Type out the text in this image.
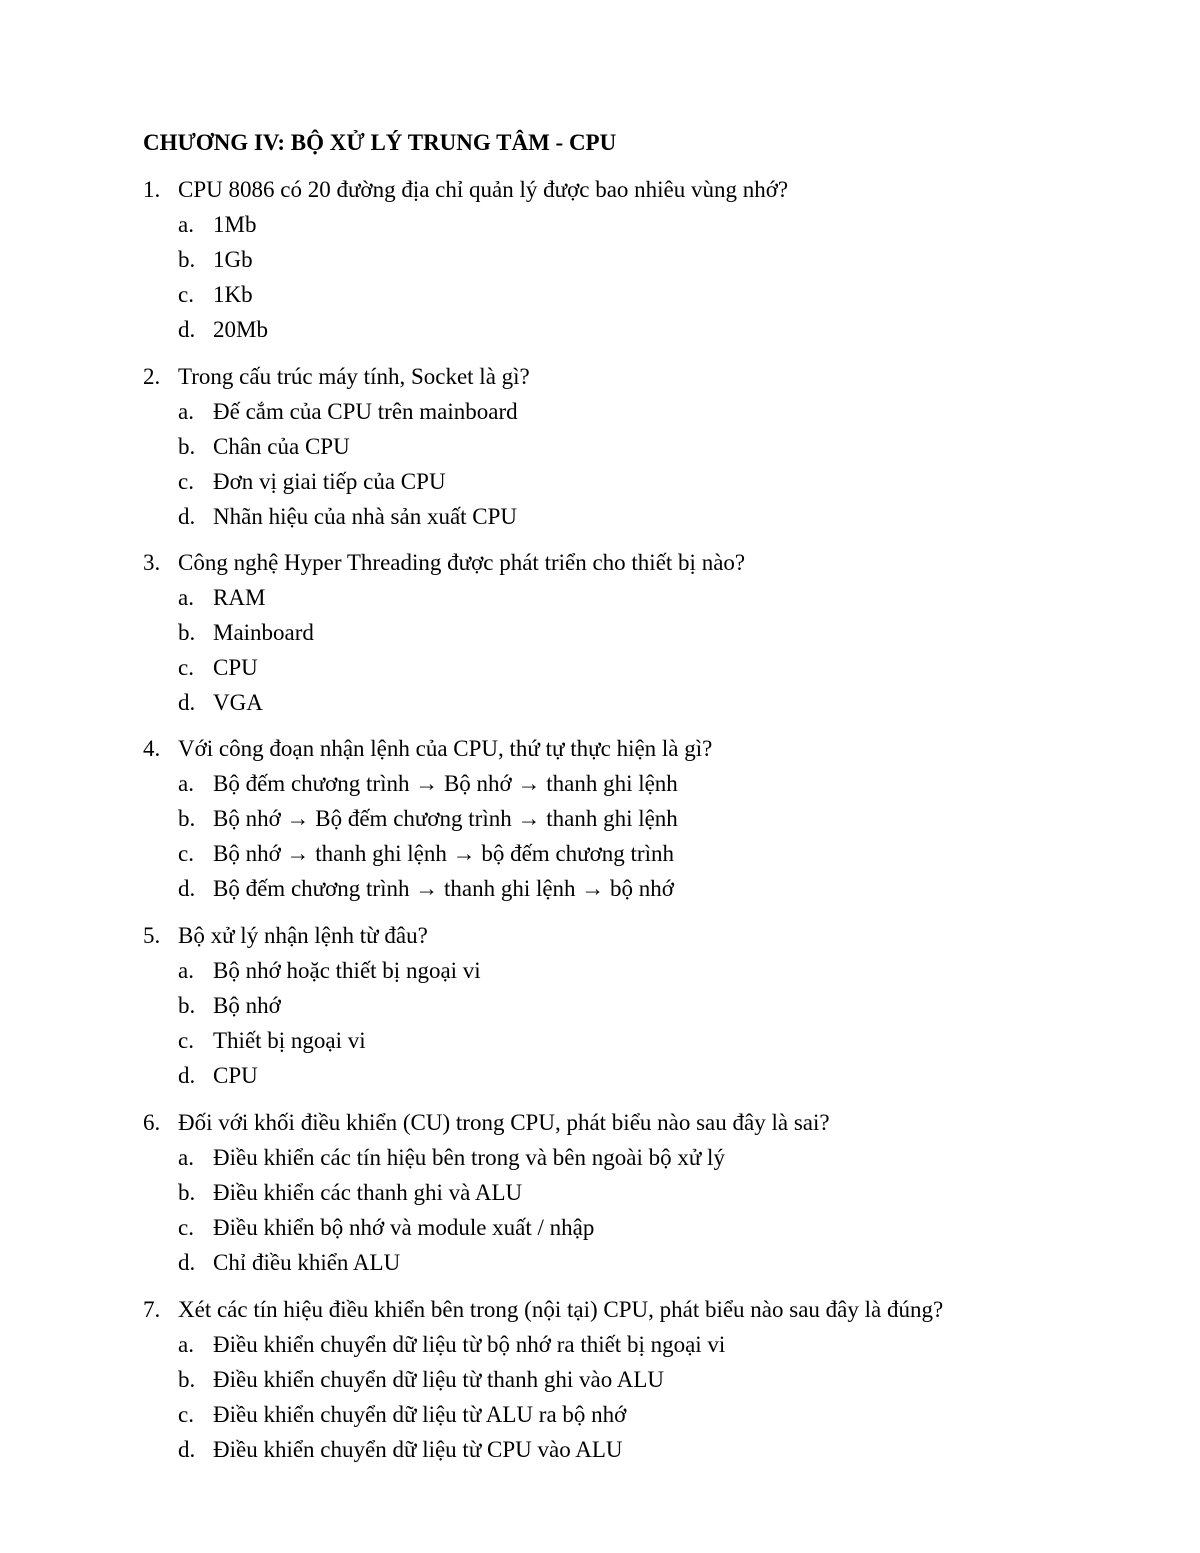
CHƯƠNG IV: BỘ XỬ LÝ TRUNG TÂM - CPU
1. CPU 8086 có 20 đường địa chỉ quản lý được bao nhiêu vùng nhớ?
a. 1Mb
b. 1Gb
c. 1Kb
d. 20Mb
2. Trong cấu trúc máy tính, Socket là gì?
a. Đế cắm của CPU trên mainboard
b. Chân của CPU
c. Đơn vị giai tiếp của CPU
d. Nhãn hiệu của nhà sản xuất CPU
3. Công nghệ Hyper Threading được phát triển cho thiết bị nào?
a. RAM
b. Mainboard
c. CPU
d. VGA
4. Với công đoạn nhận lệnh của CPU, thứ tự thực hiện là gì?
a. Bộ đếm chương trình → Bộ nhớ → thanh ghi lệnh
b. Bộ nhớ → Bộ đếm chương trình → thanh ghi lệnh
c. Bộ nhớ → thanh ghi lệnh → bộ đếm chương trình
d. Bộ đếm chương trình → thanh ghi lệnh → bộ nhớ
5. Bộ xử lý nhận lệnh từ đâu?
a. Bộ nhớ hoặc thiết bị ngoại vi
b. Bộ nhớ
c. Thiết bị ngoại vi
d. CPU
6. Đối với khối điều khiển (CU) trong CPU, phát biểu nào sau đây là sai?
a. Điều khiển các tín hiệu bên trong và bên ngoài bộ xử lý
b. Điều khiển các thanh ghi và ALU
c. Điều khiển bộ nhớ và module xuất / nhập
d. Chỉ điều khiển ALU
7. Xét các tín hiệu điều khiển bên trong (nội tại) CPU, phát biểu nào sau đây là đúng?
a. Điều khiển chuyển dữ liệu từ bộ nhớ ra thiết bị ngoại vi
b. Điều khiển chuyển dữ liệu từ thanh ghi vào ALU
c. Điều khiển chuyển dữ liệu từ ALU ra bộ nhớ
d. Điều khiển chuyển dữ liệu từ CPU vào ALU
